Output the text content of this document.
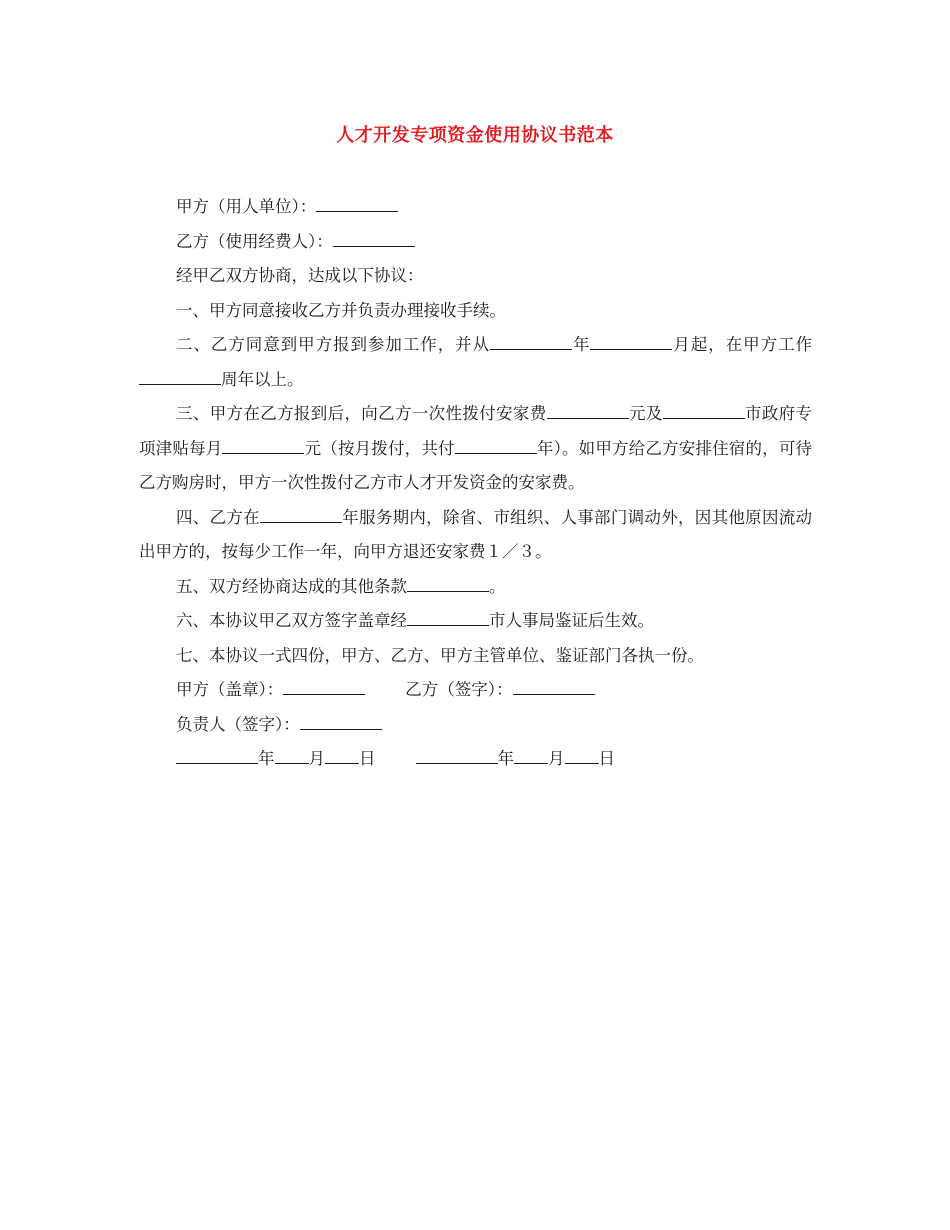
人才开发专项资金使用协议书范本

甲方（用人单位）：

乙方（使用经费人）：

经甲乙双方协商，达成以下协议：

一、甲方同意接收乙方并负责办理接收手续。

二、乙方同意到甲方报到参加工作，并从	年	月起，在甲方工作周年以上。

三、甲方在乙方报到后，向乙方一次性拨付安家费	元及	市政府专项津贴每月	元（按月拨付，共付	年）。如甲方给乙方安排住宿的，可待乙方购房时，甲方一次性拨付乙方市人才开发资金的安家费。

四、乙方在	年服务期内，除省、市组织、人事部门调动外，因其他原因流动出甲方的，按每少工作一年，向甲方退还安家费１／３。

五、双方经协商达成的其他条款	。

六、本协议甲乙双方签字盖章经	市人事局鉴证后生效。

七、本协议一式四份，甲方、乙方、甲方主管单位、鉴证部门各执一份。

甲方（盖章）：	乙方（签字）：

负责人（签字）：

年 月 日	年 月 日
